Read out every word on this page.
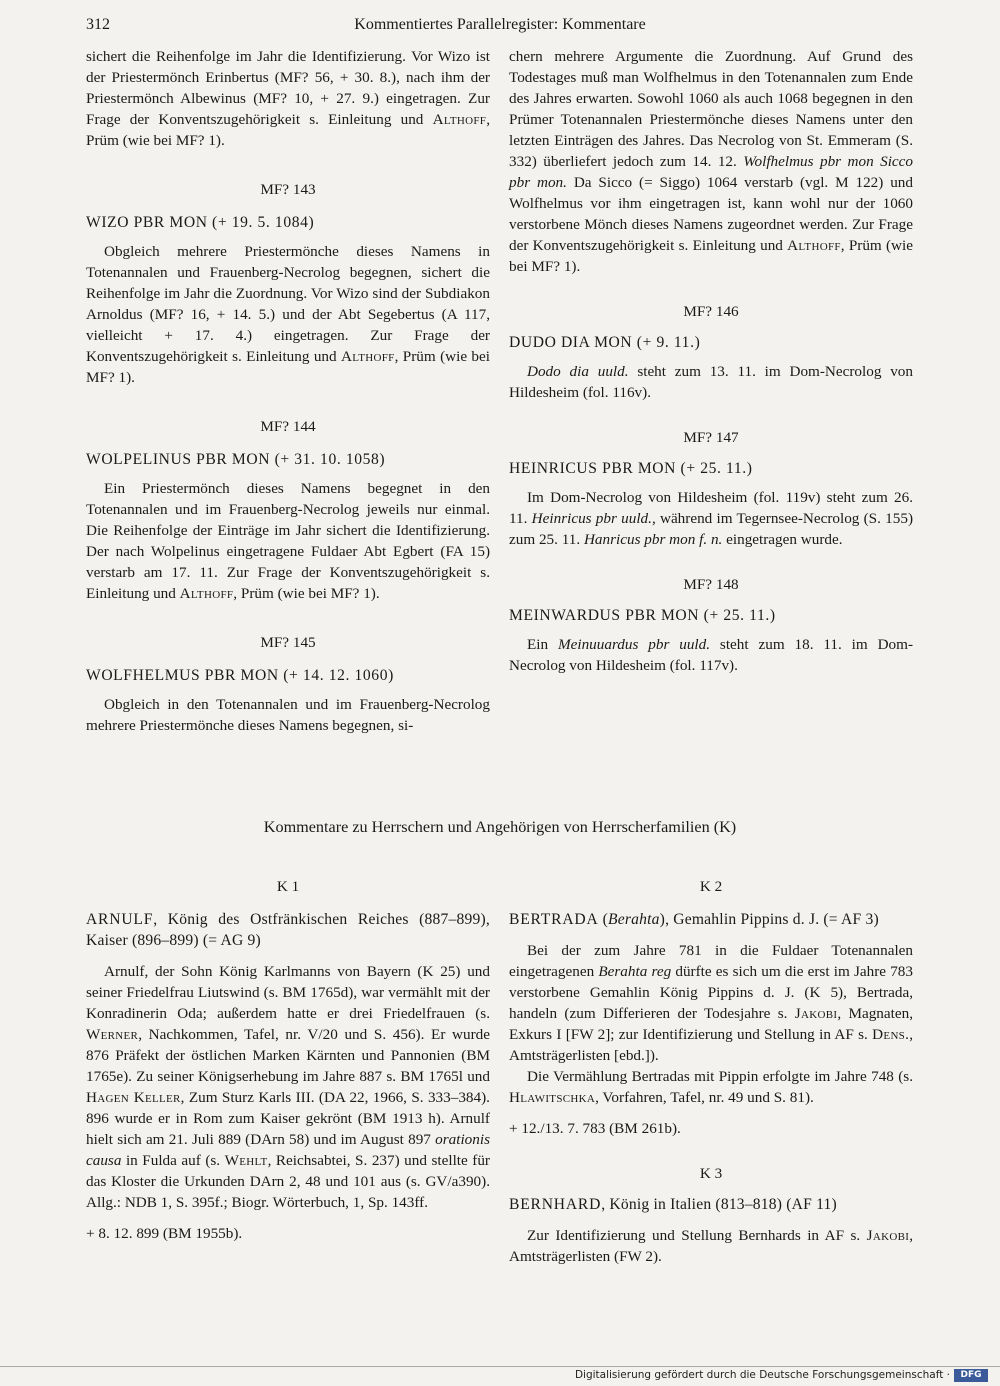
312	Kommentiertes Parallelregister: Kommentare

sichert die Reihenfolge im Jahr die Identifizierung. Vor Wizo ist der Priestermönch Erinbertus (MF? 56, + 30. 8.), nach ihm der Priestermönch Albewinus (MF? 10, + 27. 9.) eingetragen. Zur Frage der Konventszugehörigkeit s. Einleitung und Althoff, Prüm (wie bei MF? 1).

MF? 143

WIZO PBR MON (+ 19. 5. 1084)

Obgleich mehrere Priestermönche dieses Namens in Totenannalen und Frauenberg-Necrolog begegnen, sichert die Reihenfolge im Jahr die Zuordnung. Vor Wizo sind der Subdiakon Arnoldus (MF? 16, + 14. 5.) und der Abt Segebertus (A 117, vielleicht + 17. 4.) eingetragen. Zur Frage der Konventszugehörigkeit s. Einleitung und Althoff, Prüm (wie bei MF? 1).

MF? 144

WOLPELINUS PBR MON (+ 31. 10. 1058)

Ein Priestermönch dieses Namens begegnet in den Totenannalen und im Frauenberg-Necrolog jeweils nur einmal. Die Reihenfolge der Einträge im Jahr sichert die Identifizierung. Der nach Wolpelinus eingetragene Fuldaer Abt Egbert (FA 15) verstarb am 17. 11. Zur Frage der Konventszugehörigkeit s. Einleitung und Althoff, Prüm (wie bei MF? 1).

MF? 145

WOLFHELMUS PBR MON (+ 14. 12. 1060)

Obgleich in den Totenannalen und im Frauenberg-Necrolog mehrere Priestermönche dieses Namens begegnen, si-

chern mehrere Argumente die Zuordnung. Auf Grund des Todestages muß man Wolfhelmus in den Totenannalen zum Ende des Jahres erwarten. Sowohl 1060 als auch 1068 begegnen in den Prümer Totenannalen Priestermönche dieses Namens unter den letzten Einträgen des Jahres. Das Necrolog von St. Emmeram (S. 332) überliefert jedoch zum 14. 12. Wolfhelmus pbr mon Sicco pbr mon. Da Sicco (= Siggo) 1064 verstarb (vgl. M 122) und Wolfhelmus vor ihm eingetragen ist, kann wohl nur der 1060 verstorbene Mönch dieses Namens zugeordnet werden. Zur Frage der Konventszugehörigkeit s. Einleitung und Althoff, Prüm (wie bei MF? 1).

MF? 146

DUDO DIA MON (+ 9. 11.)

Dodo dia uuld. steht zum 13. 11. im Dom-Necrolog von Hildesheim (fol. 116v).

MF? 147

HEINRICUS PBR MON (+ 25. 11.)

Im Dom-Necrolog von Hildesheim (fol. 119v) steht zum 26. 11. Heinricus pbr uuld., während im Tegernsee-Necrolog (S. 155) zum 25. 11. Hanricus pbr mon f. n. eingetragen wurde.

MF? 148

MEINWARDUS PBR MON (+ 25. 11.)

Ein Meinuuardus pbr uuld. steht zum 18. 11. im Dom-Necrolog von Hildesheim (fol. 117v).

Kommentare zu Herrschern und Angehörigen von Herrscherfamilien (K)

K 1

ARNULF, König des Ostfränkischen Reiches (887–899), Kaiser (896–899) (= AG 9)

Arnulf, der Sohn König Karlmanns von Bayern (K 25) und seiner Friedelfrau Liutswind (s. BM 1765d), war vermählt mit der Konradinerin Oda; außerdem hatte er drei Friedelfrauen (s. Werner, Nachkommen, Tafel, nr. V/20 und S. 456). Er wurde 876 Präfekt der östlichen Marken Kärnten und Pannonien (BM 1765e). Zu seiner Königserhebung im Jahre 887 s. BM 1765l und Hagen Keller, Zum Sturz Karls III. (DA 22, 1966, S. 333–384). 896 wurde er in Rom zum Kaiser gekrönt (BM 1913 h). Arnulf hielt sich am 21. Juli 889 (DArn 58) und im August 897 orationis causa in Fulda auf (s. Wehlt, Reichsabtei, S. 237) und stellte für das Kloster die Urkunden DArn 2, 48 und 101 aus (s. GV/a390). Allg.: NDB 1, S. 395f.; Biogr. Wörterbuch, 1, Sp. 143ff.

+ 8. 12. 899 (BM 1955b).

K 2

BERTRADA (Berahta), Gemahlin Pippins d. J. (= AF 3)

Bei der zum Jahre 781 in die Fuldaer Totenannalen eingetragenen Berahta reg dürfte es sich um die erst im Jahre 783 verstorbene Gemahlin König Pippins d. J. (K 5), Bertrada, handeln (zum Differieren der Todesjahre s. Jakobi, Magnaten, Exkurs I [FW 2]; zur Identifizierung und Stellung in AF s. Dens., Amtsträgerlisten [ebd.]).

Die Vermählung Bertradas mit Pippin erfolgte im Jahre 748 (s. Hlawitschka, Vorfahren, Tafel, nr. 49 und S. 81).

+ 12./13. 7. 783 (BM 261b).

K 3

BERNHARD, König in Italien (813–818) (AF 11)

Zur Identifizierung und Stellung Bernhards in AF s. Jakobi, Amtsträgerlisten (FW 2).

Digitalisierung gefördert durch die Deutsche Forschungsgemeinschaft ·	DFG
